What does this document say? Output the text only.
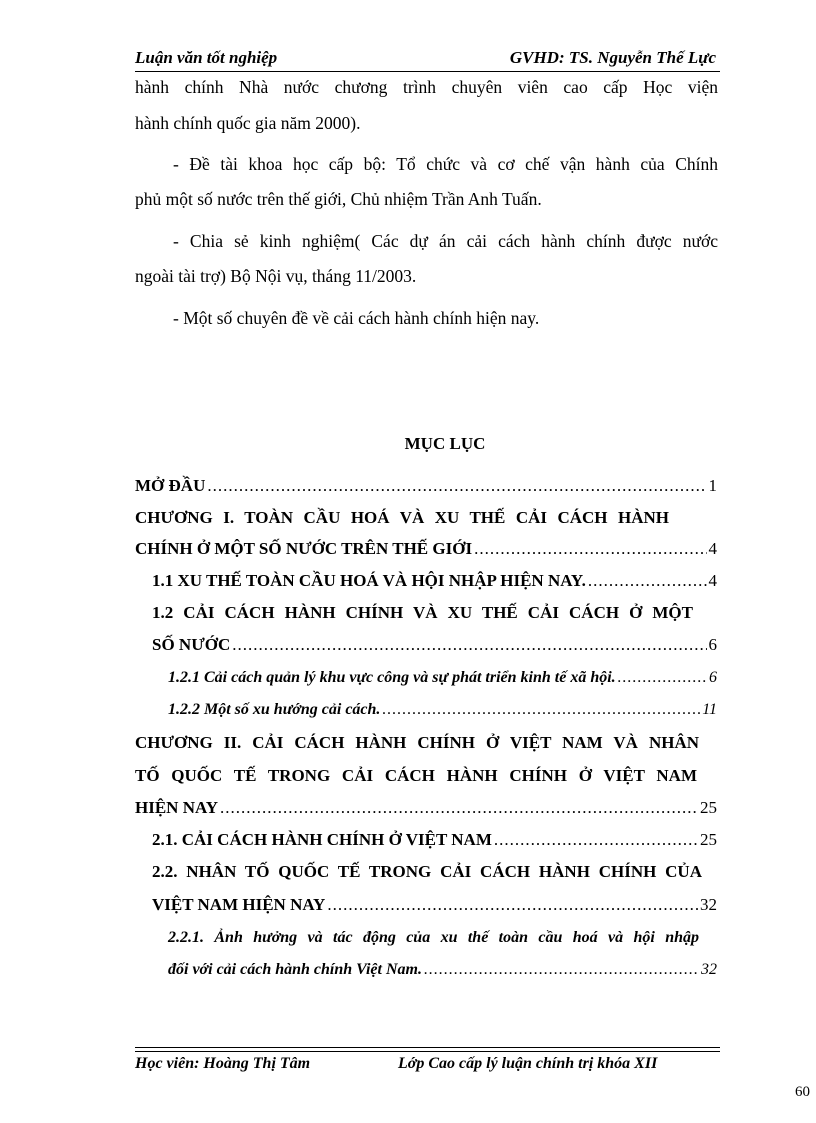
Luận văn tốt nghiệp	GVHD: TS. Nguyễn Thế Lực
hành chính Nhà nước chương trình chuyên viên cao cấp Học viện
hành chính quốc gia năm 2000).
- Đề tài khoa học cấp bộ: Tổ chức và cơ chế vận hành của Chính
phủ một số nước trên thế giới, Chủ nhiệm Trần Anh Tuấn.
- Chia sẻ kinh nghiệm( Các dự án cải cách hành chính được nước
ngoài tài trợ) Bộ Nội vụ, tháng 11/2003.
- Một số chuyên đề về cải cách hành chính hiện nay.
MỤC LỤC
MỞ ĐẦU .....	1
CHƯƠNG I. TOÀN CẦU HOÁ VÀ XU THẾ CẢI CÁCH HÀNH
CHÍNH Ở MỘT SỐ NƯỚC TRÊN THẾ GIỚI .....	4
1.1 XU THẾ TOÀN CẦU HOÁ VÀ HỘI NHẬP HIỆN NAY. .....	4
1.2 CẢI CÁCH HÀNH CHÍNH VÀ XU THẾ CẢI CÁCH Ở MỘT
SỐ NƯỚC .....	6
1.2.1 Cải cách quản lý khu vực công và sự phát triển kinh tế xã hội. .....	6
1.2.2 Một số xu hướng cải cách. .....	11
CHƯƠNG II. CẢI CÁCH HÀNH CHÍNH Ở VIỆT NAM VÀ NHÂN
TỐ QUỐC TẾ TRONG CẢI CÁCH HÀNH CHÍNH Ở VIỆT NAM
HIỆN NAY .....	25
2.1. CẢI CÁCH HÀNH CHÍNH Ở VIỆT NAM .....	25
2.2. NHÂN TỐ QUỐC TẾ TRONG CẢI CÁCH HÀNH CHÍNH CỦA
VIỆT NAM HIỆN NAY .....	32
2.2.1. Ảnh hưởng và tác động của xu thế toàn cầu hoá và hội nhập
đối với cải cách hành chính Việt Nam. .....	32
Học viên: Hoàng Thị Tâm	Lớp Cao cấp lý luận chính trị khóa XII
60
